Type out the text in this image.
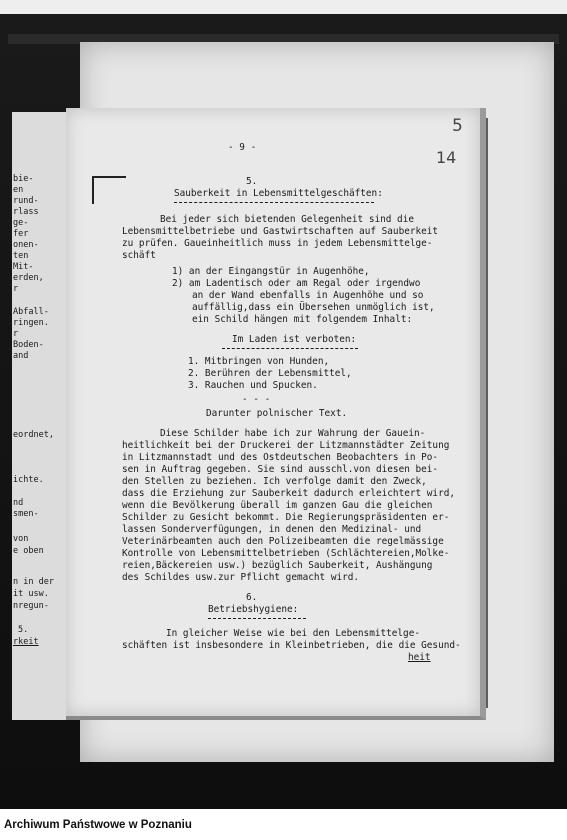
bie-
en
rund-
rlass
ge-
fer
onen-
ten
Mit-
erden,
r
Abfall-
ringen.
r
Boden-
and
eordnet,
ichte.
nd
smen-
von
e oben
n in der
it usw.
nregun-
5.
rkeit
5
14
- 9 -
5.
Sauberkeit in Lebensmittelgeschäften:
Bei jeder sich bietenden Gelegenheit sind die
Lebensmittelbetriebe und Gastwirtschaften auf Sauberkeit
zu prüfen. Gaueinheitlich muss in jedem Lebensmittelge-
schäft
1) an der Eingangstür in Augenhöhe,
2) am Ladentisch oder am Regal oder irgendwo
an der Wand ebenfalls in Augenhöhe und so
auffällig,dass ein Übersehen unmöglich ist,
ein Schild hängen mit folgendem Inhalt:
Im Laden ist verboten:
1. Mitbringen von Hunden,
2. Berühren der Lebensmittel,
3. Rauchen und Spucken.
- - -
Darunter polnischer Text.
Diese Schilder habe ich zur Wahrung der Gauein-
heitlichkeit bei der Druckerei der Litzmannstädter Zeitung
in Litzmannstadt und des Ostdeutschen Beobachters in Po-
sen in Auftrag gegeben. Sie sind ausschl.von diesen bei-
den Stellen zu beziehen. Ich verfolge damit den Zweck,
dass die Erziehung zur Sauberkeit dadurch erleichtert wird,
wenn die Bevölkerung überall im ganzen Gau die gleichen
Schilder zu Gesicht bekommt. Die Regierungspräsidenten er-
lassen Sonderverfügungen, in denen den Medizinal- und
Veterinärbeamten auch den Polizeibeamten die regelmässige
Kontrolle von Lebensmittelbetrieben (Schlächtereien,Molke-
reien,Bäckereien usw.) bezüglich Sauberkeit, Aushängung
des Schildes usw.zur Pflicht gemacht wird.
6.
Betriebshygiene:
In gleicher Weise wie bei den Lebensmittelge-
schäften ist insbesondere in Kleinbetrieben, die die Gesund-
heit
Archiwum Państwowe w Poznaniu
